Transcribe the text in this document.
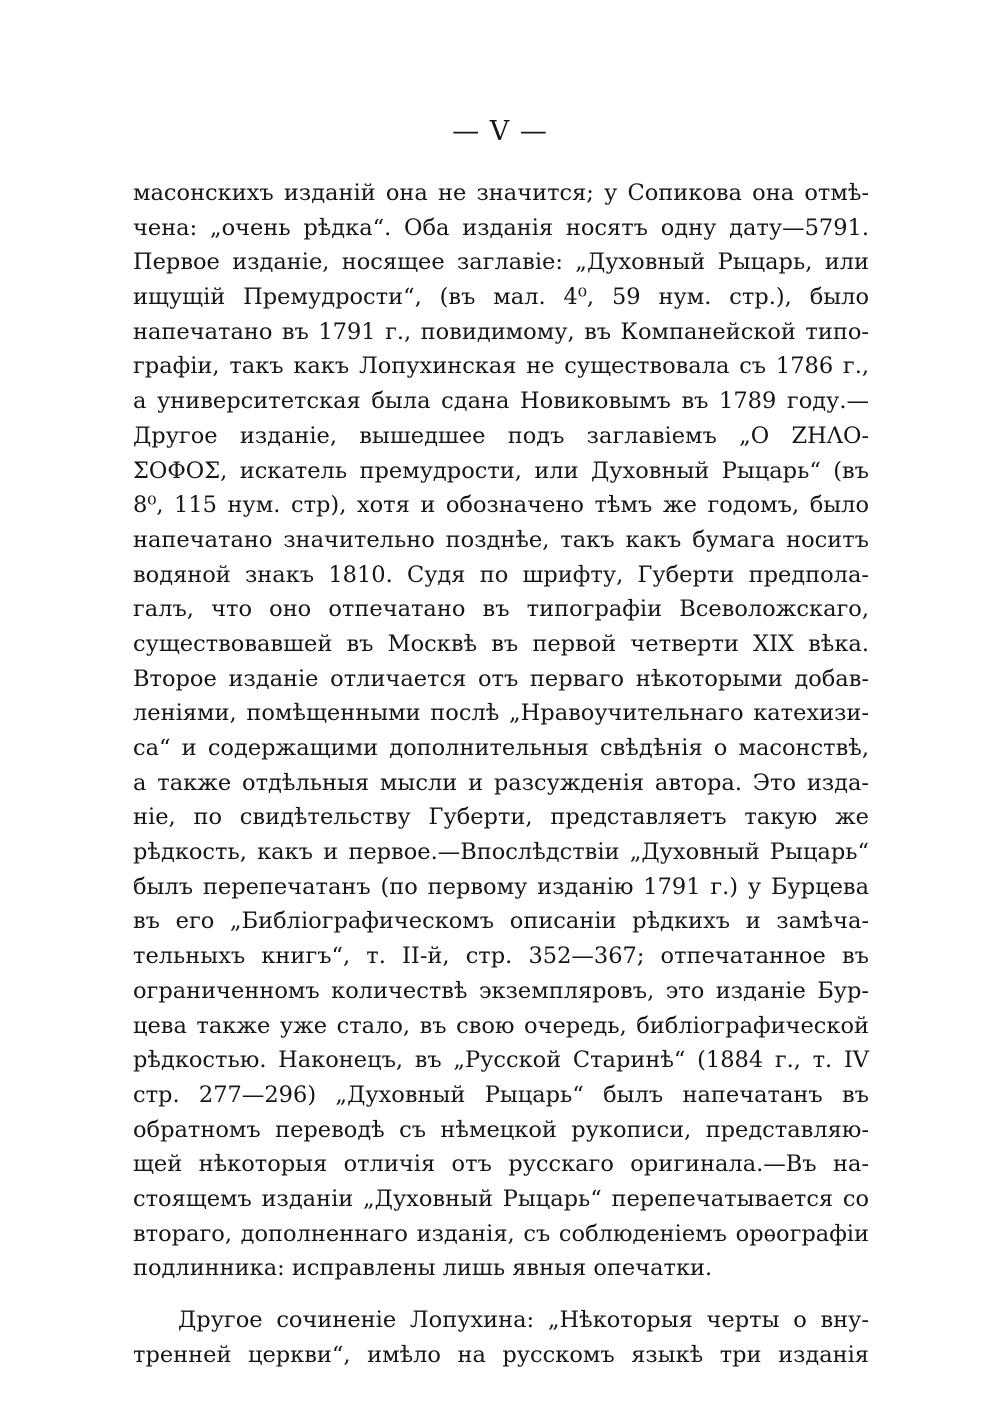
— V —
масонскихъ изданій она не значится; у Сопикова она отмѣ-
чена: „очень рѣдка“. Оба изданія носятъ одну дату—5791.
Первое изданіе, носящее заглавіе: „Духовный Рыцарь, или
ищущій Премудрости“, (въ мал. 4⁰, 59 нум. стр.), было
напечатано въ 1791 г., повидимому, въ Компанейской типо-
графіи, такъ какъ Лопухинская не существовала съ 1786 г.,
а университетская была сдана Новиковымъ въ 1789 году.—
Другое изданіе, вышедшее подъ заглавіемъ „О ΖΗΛΟ-
ΣΟΦΟΣ, искатель премудрости, или Духовный Рыцарь“ (въ
8⁰, 115 нум. стр), хотя и обозначено тѣмъ же годомъ, было
напечатано значительно позднѣе, такъ какъ бумага носитъ
водяной знакъ 1810. Судя по шрифту, Губерти предпола-
галъ, что оно отпечатано въ типографіи Всеволожскаго,
существовавшей въ Москвѣ въ первой четверти XIX вѣка.
Второе изданіе отличается отъ перваго нѣкоторыми добав-
леніями, помѣщенными послѣ „Нравоучительнаго катехизи-
са“ и содержащими дополнительныя свѣдѣнія о масонствѣ,
а также отдѣльныя мысли и разсужденія автора. Это изда-
ніе, по свидѣтельству Губерти, представляетъ такую же
рѣдкость, какъ и первое.—Впослѣдствіи „Духовный Рыцарь“
былъ перепечатанъ (по первому изданію 1791 г.) у Бурцева
въ его „Библіографическомъ описаніи рѣдкихъ и замѣча-
тельныхъ книгъ“, т. II-й, стр. 352—367; отпечатанное въ
ограниченномъ количествѣ экземпляровъ, это изданіе Бур-
цева также уже стало, въ свою очередь, библіографической
рѣдкостью. Наконецъ, въ „Русской Старинѣ“ (1884 г., т. IV
стр. 277—296) „Духовный Рыцарь“ былъ напечатанъ въ
обратномъ переводѣ съ нѣмецкой рукописи, представляю-
щей нѣкоторыя отличія отъ русскаго оригинала.—Въ на-
стоящемъ изданіи „Духовный Рыцарь“ перепечатывается со
втораго, дополненнаго изданія, съ соблюденіемъ орѳографіи
подлинника: исправлены лишь явныя опечатки.
Другое сочиненіе Лопухина: „Нѣкоторыя черты о вну-
тренней церкви“, имѣло на русскомъ языкѣ три изданія
